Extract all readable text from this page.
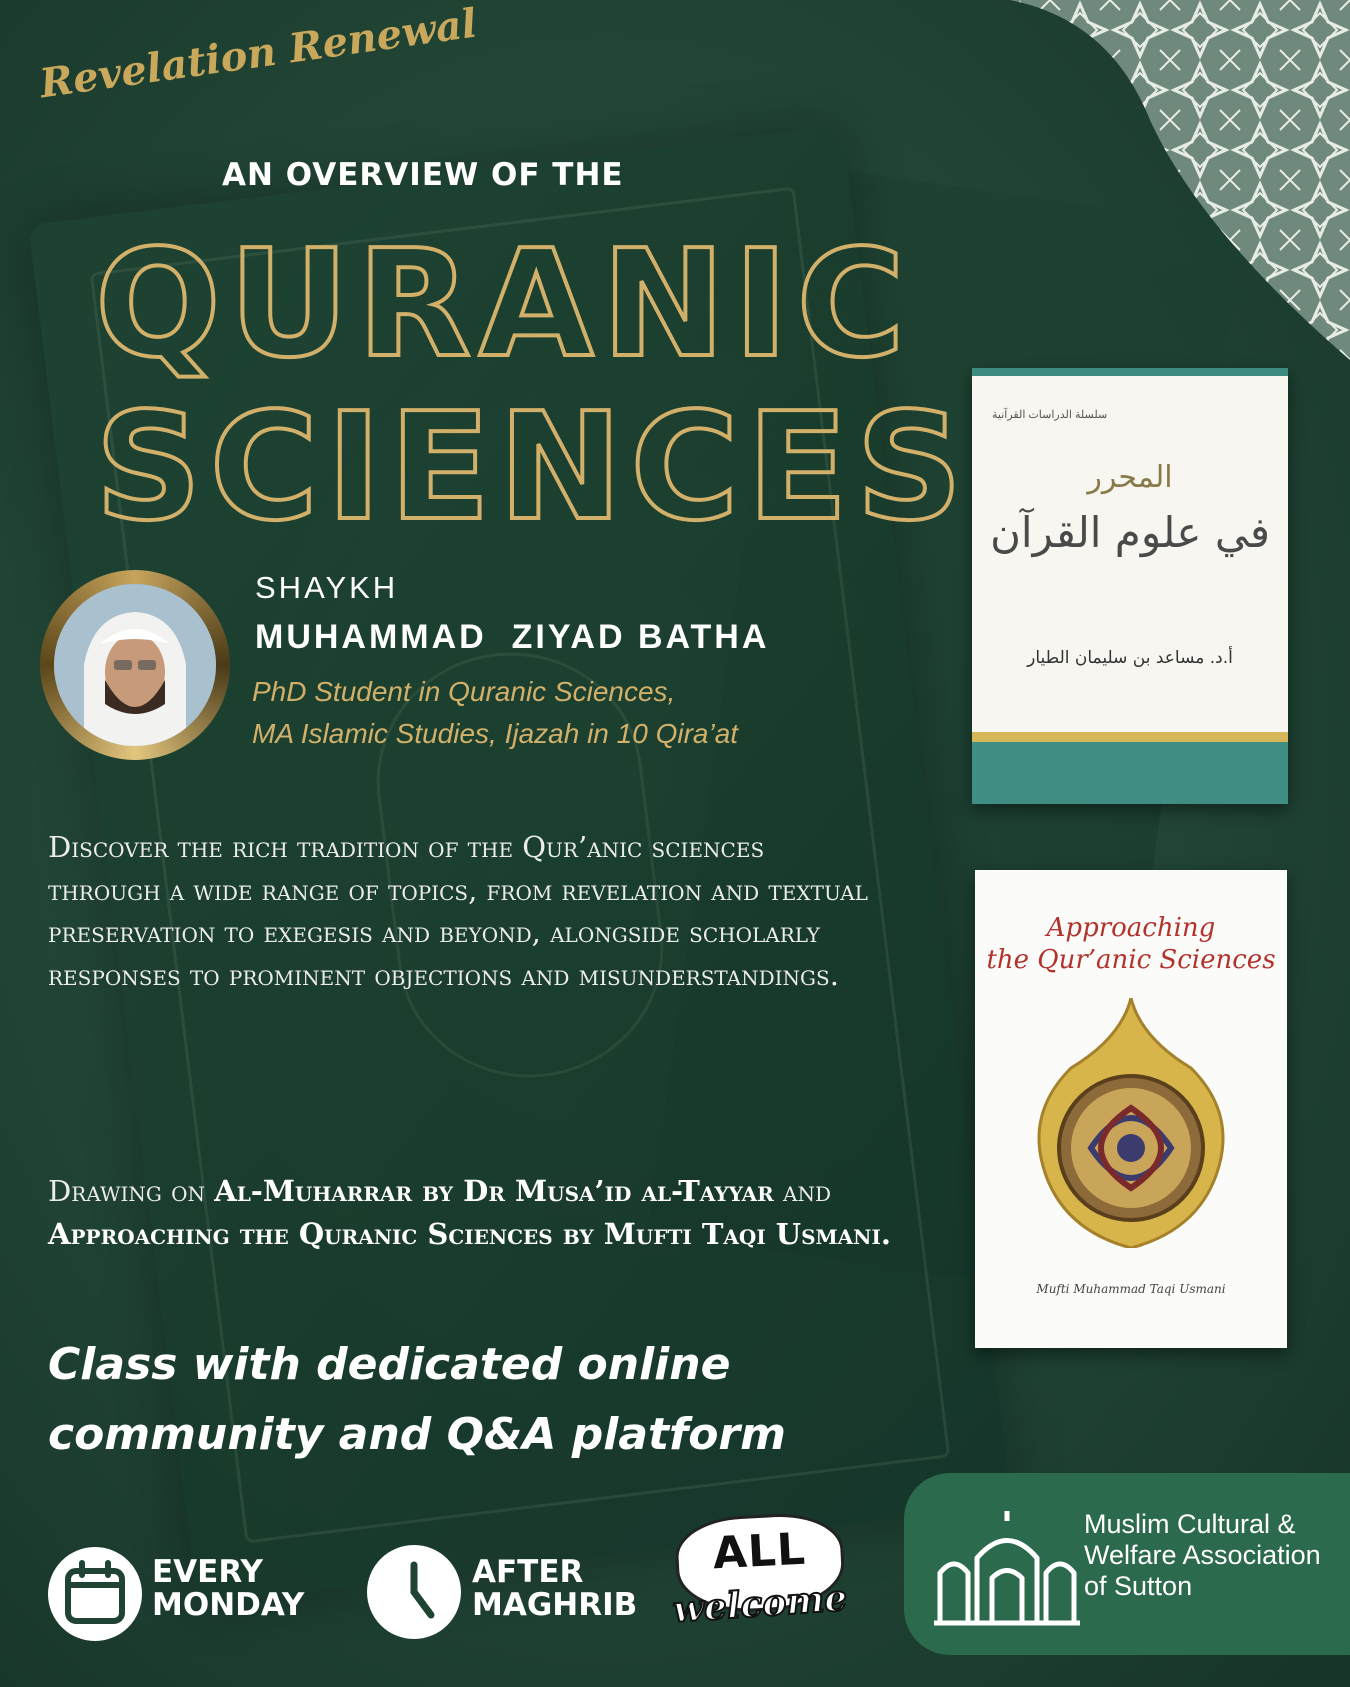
Revelation Renewal
AN OVERVIEW OF THE
QURANIC
SCIENCES
SHAYKH
MUHAMMAD  ZIYAD BATHA
PhD Student in Quranic Sciences,
MA Islamic Studies, Ijazah in 10 Qira’at
Discover the rich tradition of the Qur’anic sciences through a wide range of topics, from revelation and textual preservation to exegesis and beyond, alongside scholarly responses to prominent objections and misunderstandings.
Drawing on Al-Muharrar by Dr Musa’id al-Tayyar and Approaching the Quranic Sciences by Mufti Taqi Usmani.
Class with dedicated online community and Q&A platform
سلسلة الدراسات القرآنية
المحرر
في علوم القرآن
أ.د. مساعد بن سليمان الطيار
Approaching
the Qur’anic Sciences
Mufti Muhammad Taqi Usmani
EVERY
MONDAY
AFTER
MAGHRIB
ALL
welcome
Muslim Cultural &
Welfare Association
of Sutton
